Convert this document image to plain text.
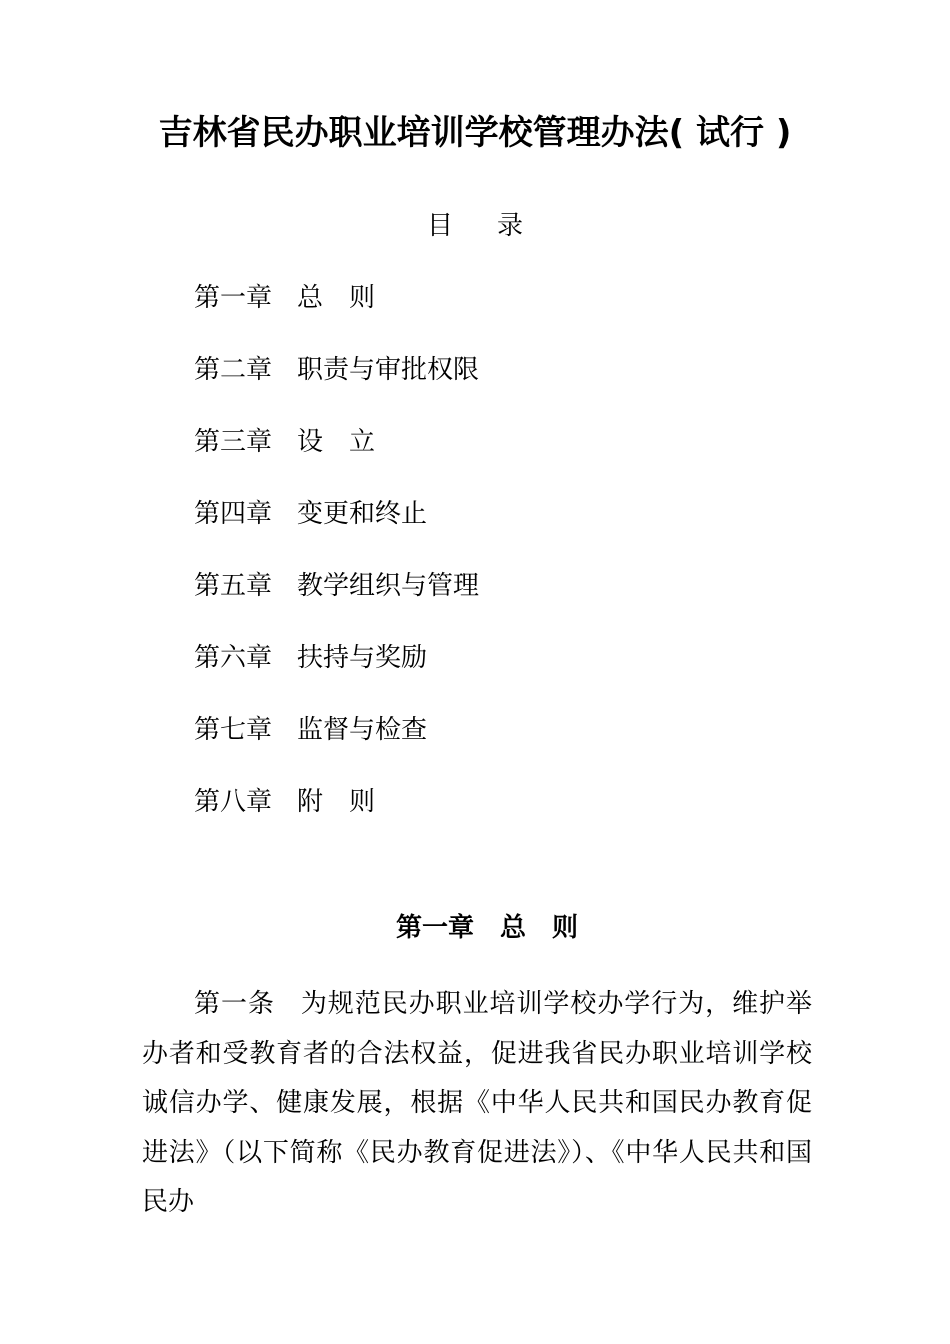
吉林省民办职业培训学校管理办法( 试行 )
目录
第一章 总　则
第二章 职责与审批权限
第三章 设　立
第四章 变更和终止
第五章 教学组织与管理
第六章 扶持与奖励
第七章 监督与检查
第八章 附　则
第一章　总　则

第一条 为规范民办职业培训学校办学行为，维护举办者和受教育者的合法权益，促进我省民办职业培训学校诚信办学、健康发展，根据《中华人民共和国民办教育促进法》（以下简称《民办教育促进法》）、《中华人民共和国民办
